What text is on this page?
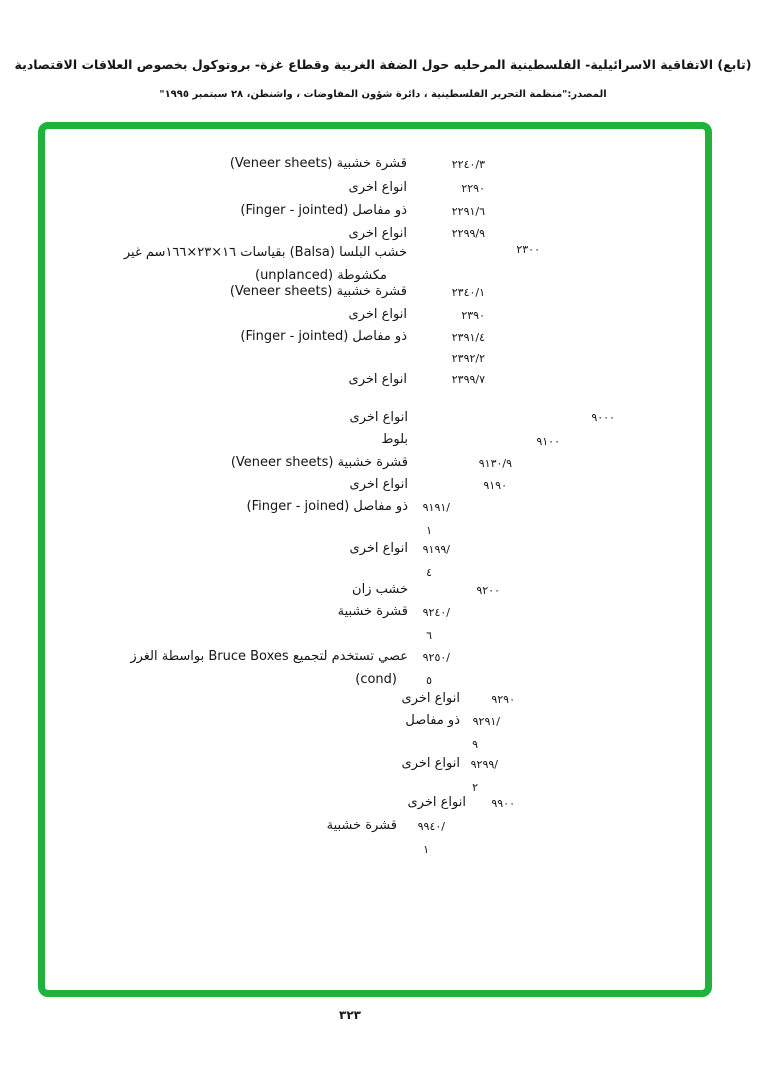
(تابع) الاتفاقية الاسرائيلية- الفلسطينية المرحليه حول الضفة الغربية وقطاع غزة- بروتوكول بخصوص العلاقات الاقتصادية
المصدر:"منظمة التحرير الفلسطينية ، دائرة شؤون المفاوضات ، واشنطن، ٢٨ سبتمبر ١٩٩٥"
٢٢٤٠/٣
قشرة خشبية (Veneer sheets)
٢٢٩٠
انواع اخرى
٢٢٩١/٦
ذو مفاصل (Finger - jointed)
٢٢٩٩/٩
انواع اخرى
٢٣٠٠
خشب البلسا (Balsa) بقياسات ⁦١٦×٢٣×١٦٦⁩سم غير
مكشوطة (unplanced)
٢٣٤٠/١
قشرة خشبية (Veneer sheets)
٢٣٩٠
انواع اخرى
٢٣٩١/٤
ذو مفاصل (Finger - jointed)
٢٣٩٢/٢
٢٣٩٩/٧
انواع اخرى
٩٠٠٠
انواع اخرى
٩١٠٠
بلوط
٩١٣٠/٩
قشرة خشبية (Veneer sheets)
٩١٩٠
انواع اخرى
٩١٩١/
١
ذو مفاصل (Finger - joined)
٩١٩٩/
٤
انواع اخرى
٩٢٠٠
خشب زان
٩٢٤٠/
٦
قشرة خشبية
٩٢٥٠/
٥
عصي تستخدم لتجميع Bruce Boxes بواسطة الغرز
(cond)
٩٢٩٠
انواع اخرى
٩٢٩١/
٩
ذو مفاصل
٩٢٩٩/
٢
انواع اخرى
٩٩٠٠
انواع اخرى
٩٩٤٠/
١
قشرة خشبية
٣٢٣
